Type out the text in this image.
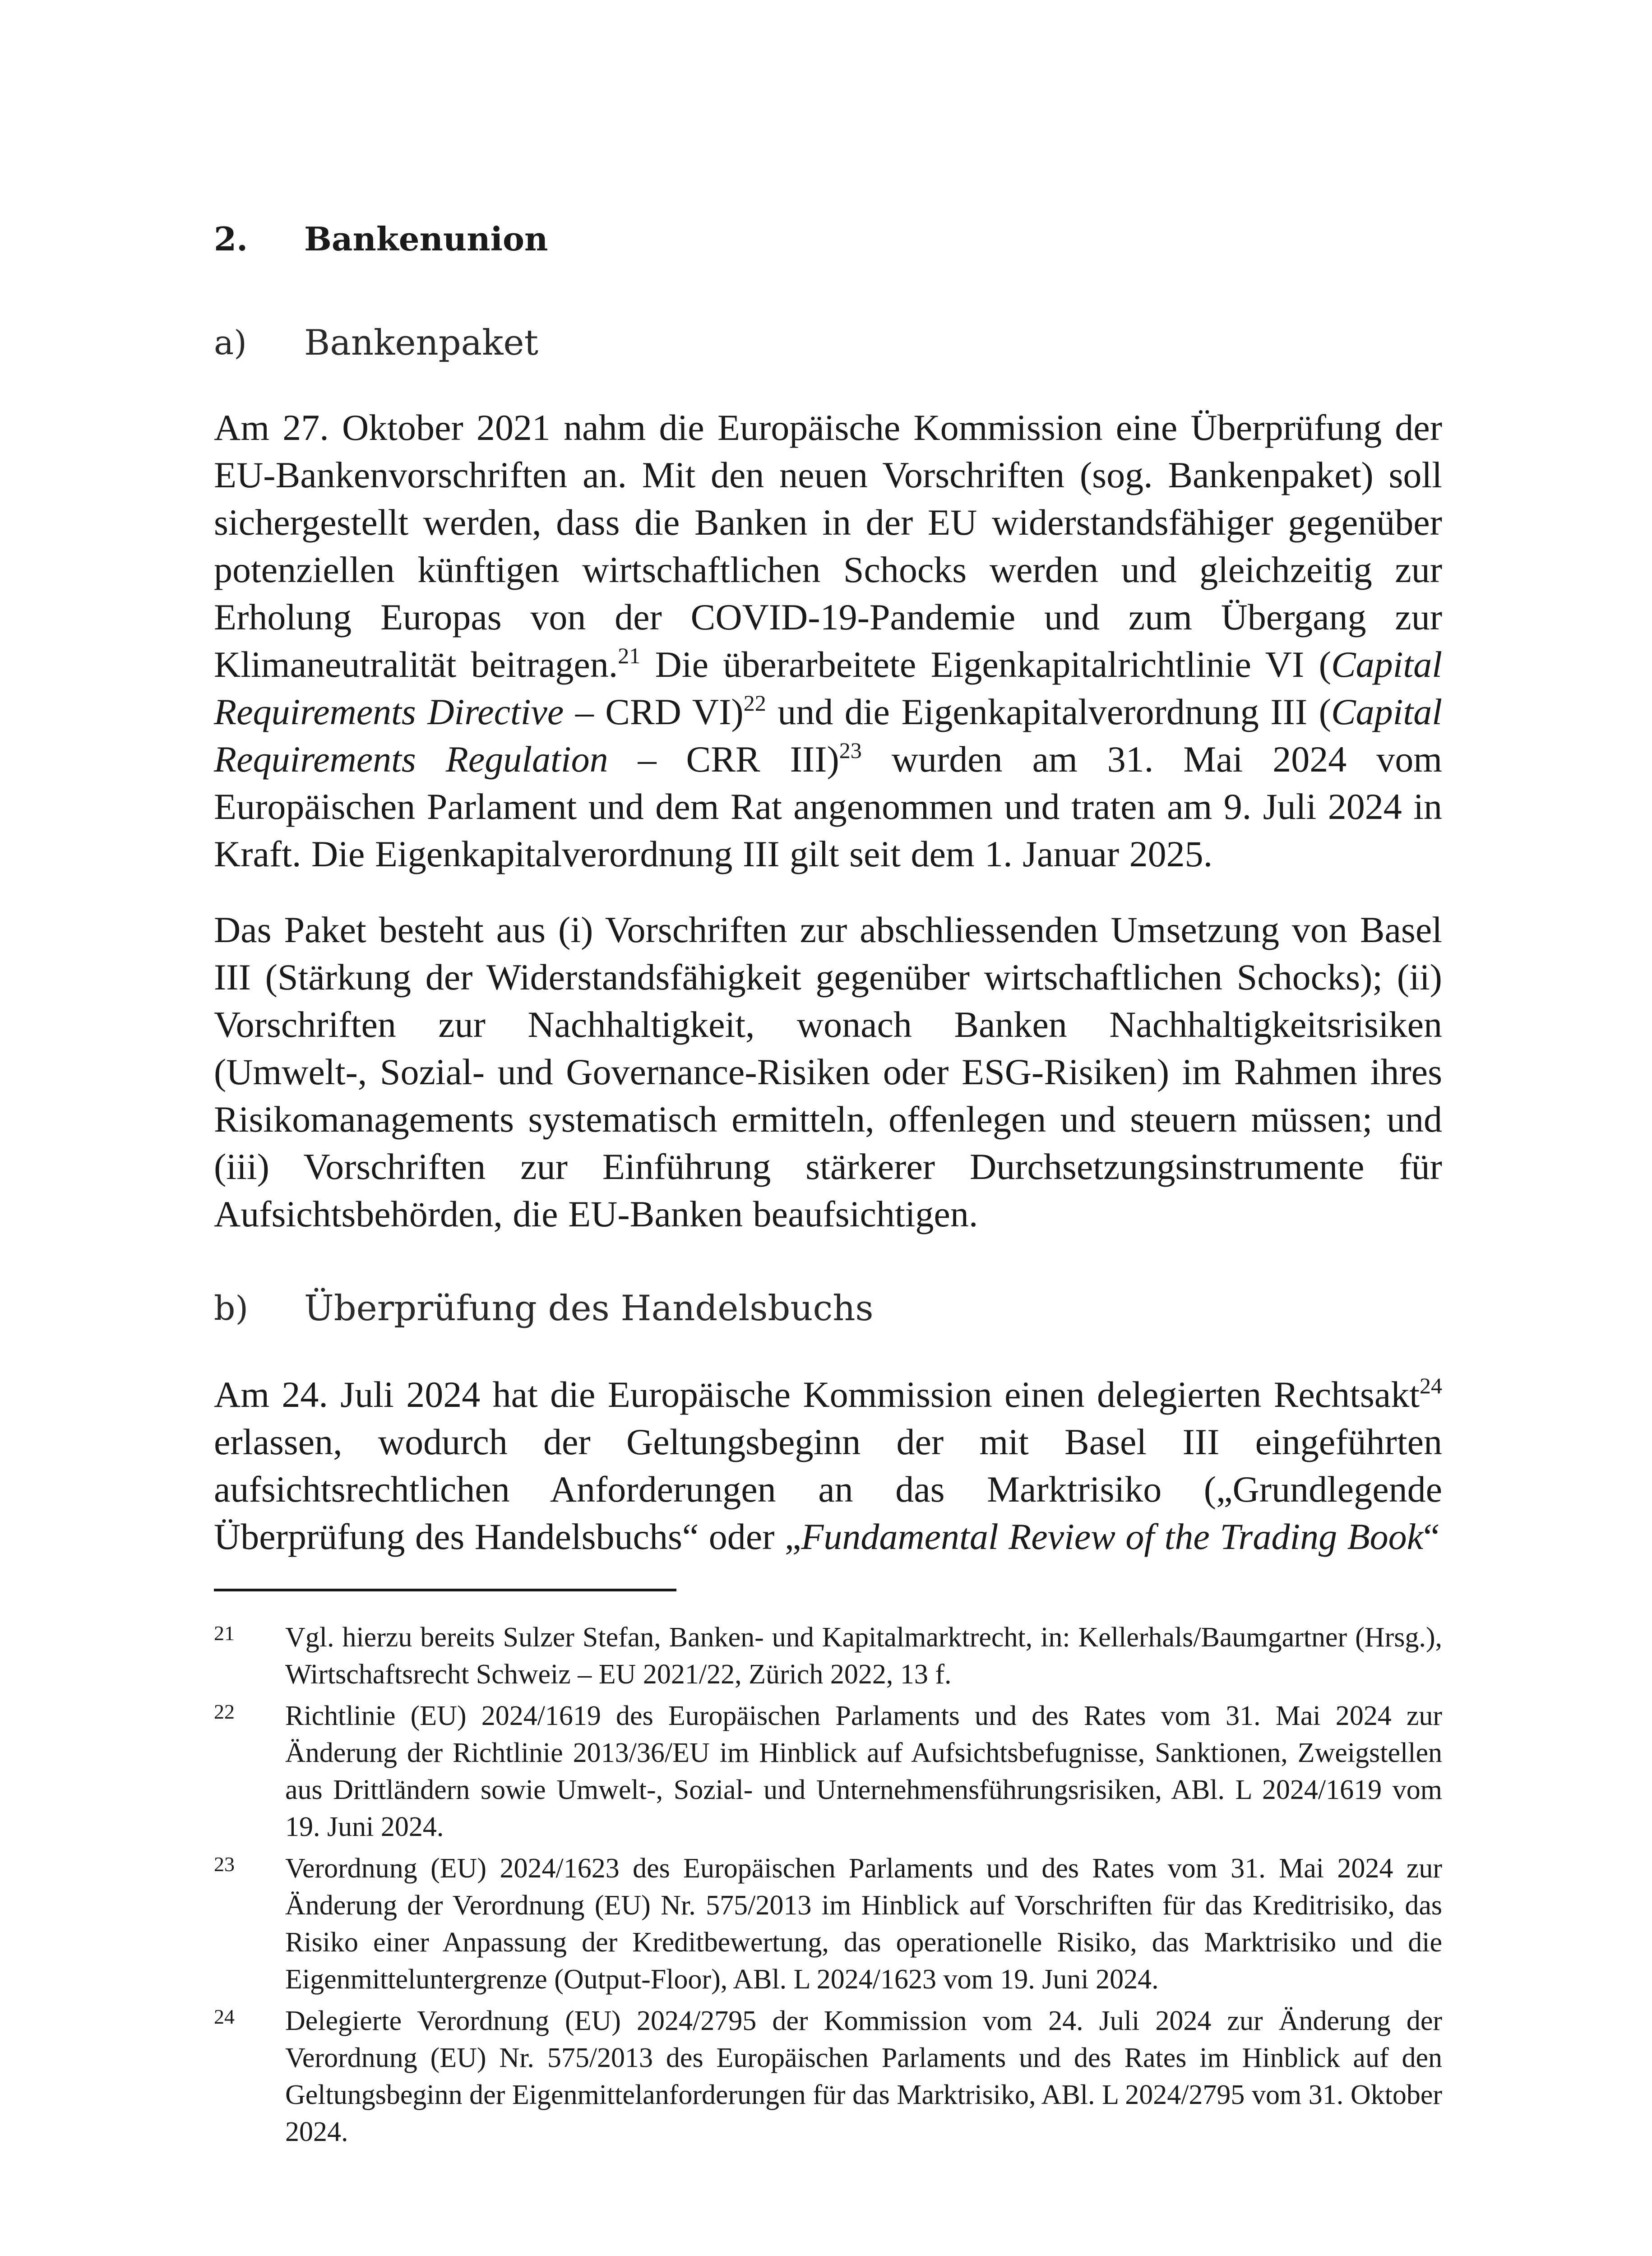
2.	Bankenunion
a)	Bankenpaket

Am 27. Oktober 2021 nahm die Europäische Kommission eine Überprüfung der EU-Bankenvorschriften an. Mit den neuen Vorschriften (sog. Bankenpaket) soll sichergestellt werden, dass die Banken in der EU widerstandsfähiger gegenüber potenziellen künftigen wirtschaftlichen Schocks werden und gleichzeitig zur Erholung Europas von der COVID-19-Pandemie und zum Übergang zur Klimaneutralität beitragen.$^{21}$ Die überarbeitete Eigenkapitalrichtlinie VI (Capital Requirements Directive – CRD VI)$^{22}$ und die Eigenkapitalverordnung III (Capital Requirements Regulation – CRR III)$^{23}$ wurden am 31. Mai 2024 vom Europäischen Parlament und dem Rat angenommen und traten am 9. Juli 2024 in Kraft. Die Eigenkapitalverordnung III gilt seit dem 1. Januar 2025.

Das Paket besteht aus (i) Vorschriften zur abschliessenden Umsetzung von Basel III (Stärkung der Widerstandsfähigkeit gegenüber wirtschaftlichen Schocks); (ii) Vorschriften zur Nachhaltigkeit, wonach Banken Nachhaltigkeitsrisiken (Umwelt-, Sozial- und Governance-Risiken oder ESG-Risiken) im Rahmen ihres Risikomanagements systematisch ermitteln, offenlegen und steuern müssen; und (iii) Vorschriften zur Einführung stärkerer Durchsetzungsinstrumente für Aufsichtsbehörden, die EU-Banken beaufsichtigen.

b)	Überprüfung des Handelsbuchs

Am 24. Juli 2024 hat die Europäische Kommission einen delegierten Rechtsakt$^{24}$ erlassen, wodurch der Geltungsbeginn der mit Basel III eingeführten aufsichtsrechtlichen Anforderungen an das Marktrisiko („Grundlegende Überprüfung des Handelsbuchs“ oder „Fundamental Review of the Trading Book“

21	Vgl. hierzu bereits Sulzer Stefan, Banken- und Kapitalmarktrecht, in: Kellerhals/Baumgartner (Hrsg.), Wirtschaftsrecht Schweiz – EU 2021/22, Zürich 2022, 13 f.
22	Richtlinie (EU) 2024/1619 des Europäischen Parlaments und des Rates vom 31. Mai 2024 zur Änderung der Richtlinie 2013/36/EU im Hinblick auf Aufsichtsbefugnisse, Sanktionen, Zweigstellen aus Drittländern sowie Umwelt-, Sozial- und Unternehmensführungsrisiken, ABl. L 2024/1619 vom 19. Juni 2024.
23	Verordnung (EU) 2024/1623 des Europäischen Parlaments und des Rates vom 31. Mai 2024 zur Änderung der Verordnung (EU) Nr. 575/2013 im Hinblick auf Vorschriften für das Kreditrisiko, das Risiko einer Anpassung der Kreditbewertung, das operationelle Risiko, das Marktrisiko und die Eigenmitteluntergrenze (Output-Floor), ABl. L 2024/1623 vom 19. Juni 2024.
24	Delegierte Verordnung (EU) 2024/2795 der Kommission vom 24. Juli 2024 zur Änderung der Verordnung (EU) Nr. 575/2013 des Europäischen Parlaments und des Rates im Hinblick auf den Geltungsbeginn der Eigenmittelanforderungen für das Marktrisiko, ABl. L 2024/2795 vom 31. Oktober 2024.
